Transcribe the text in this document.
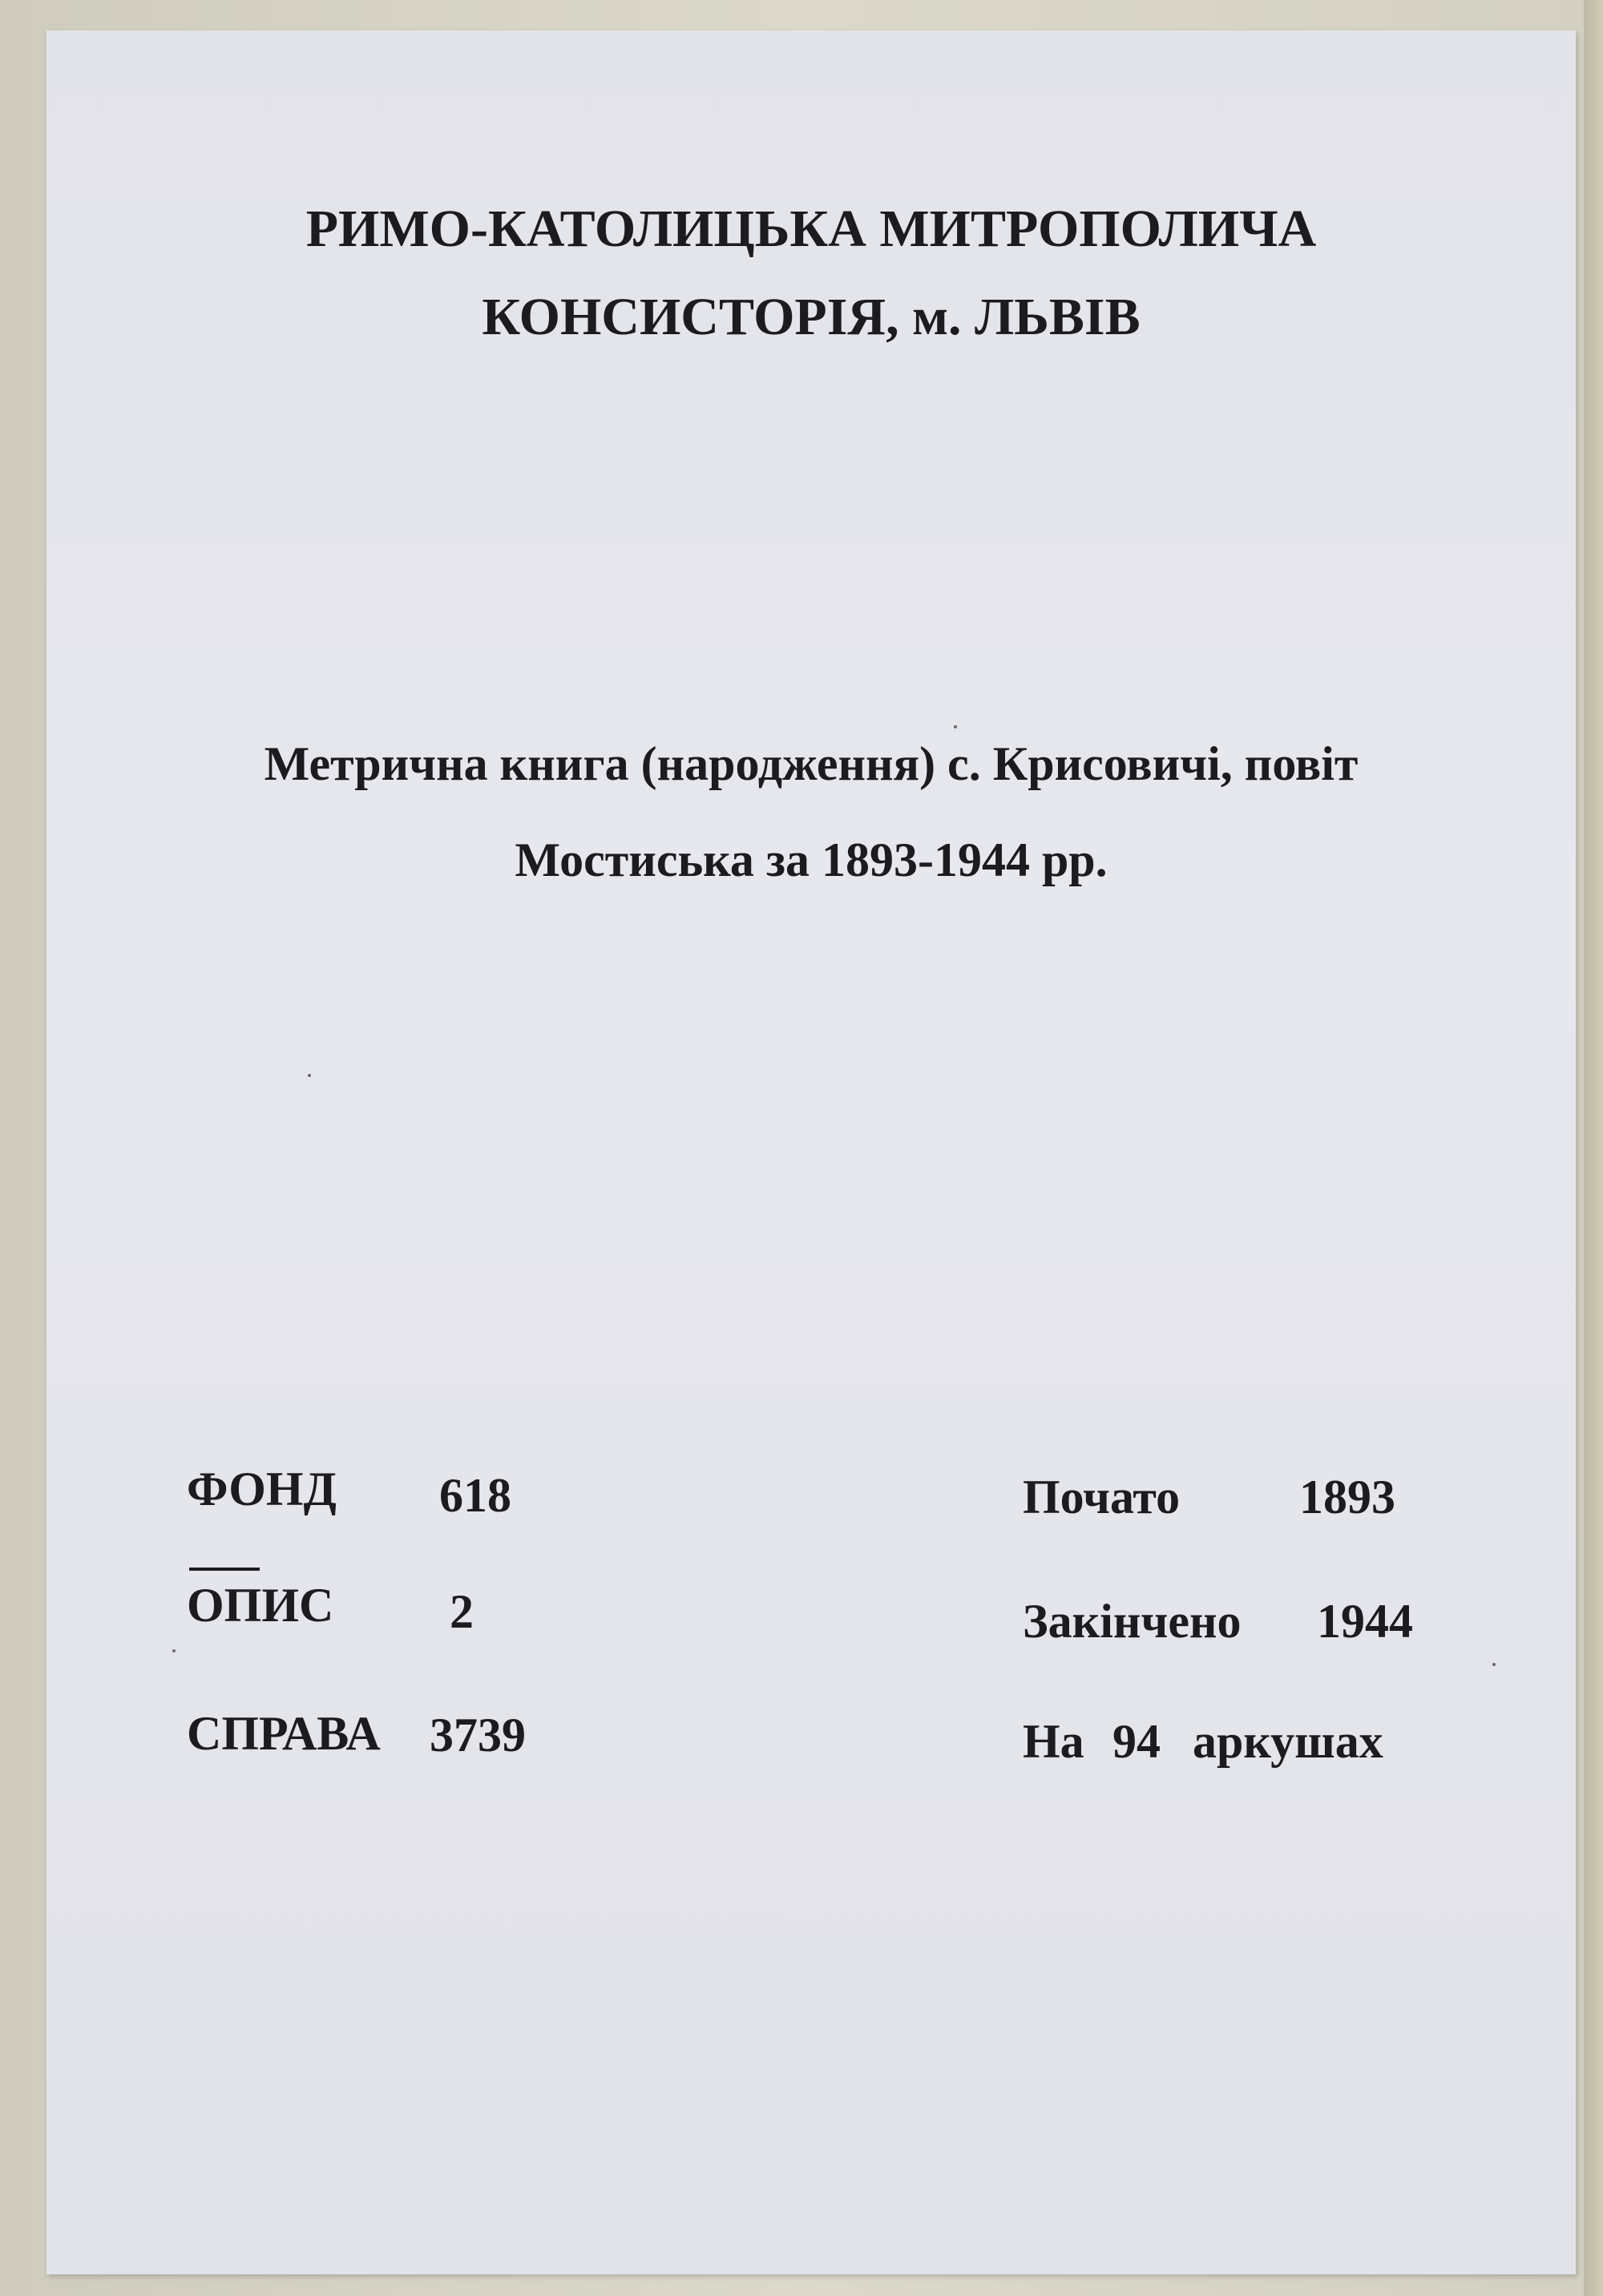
РИМО-КАТОЛИЦЬКА МИТРОПОЛИЧА
КОНСИСТОРІЯ, м. ЛЬВІВ
Метрична книга (народження) с. Крисовичі, повіт
Мостиська за 1893-1944 рр.
ФОНД 618
ОПИС 2
СПРАВА 3739
Почато 1893
Закінчено 1944
На 94 аркушах
